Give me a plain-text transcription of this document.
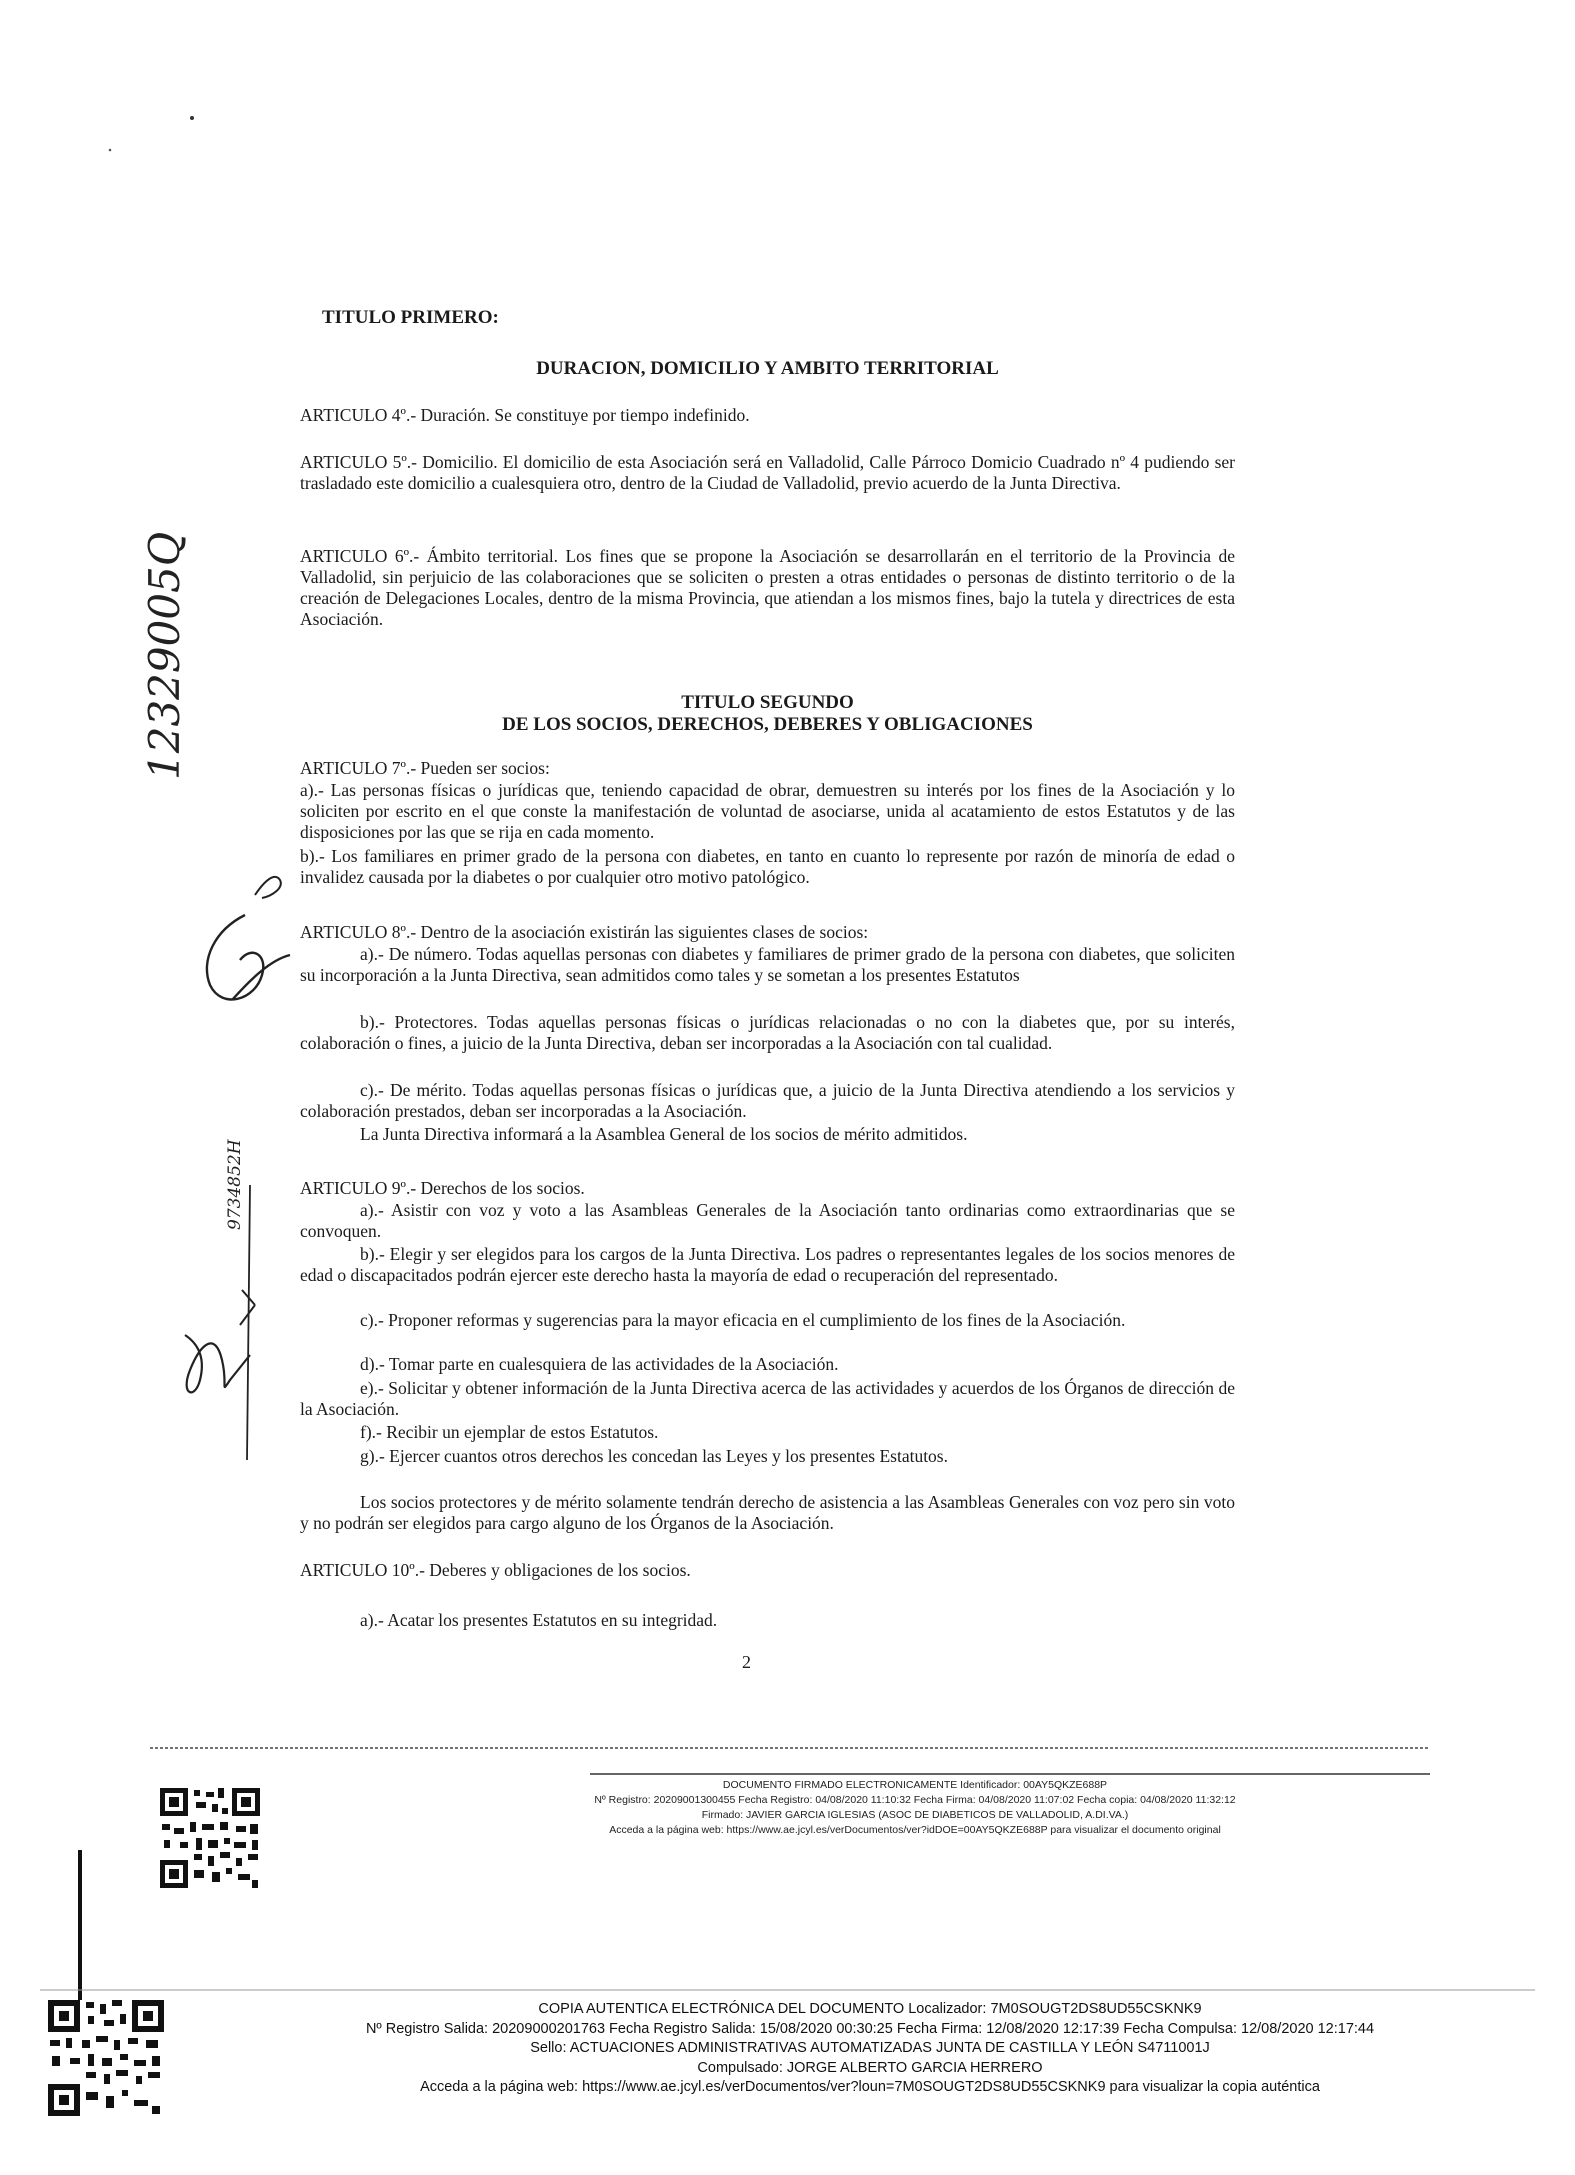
12329005Q
9734852H

TITULO PRIMERO:

DURACION, DOMICILIO Y AMBITO TERRITORIAL

ARTICULO 4º.- Duración. Se constituye por tiempo indefinido.

ARTICULO 5º.- Domicilio. El domicilio de esta Asociación será en Valladolid, Calle Párroco Domicio Cuadrado nº 4 pudiendo ser trasladado este domicilio a cualesquiera otro, dentro de la Ciudad de Valladolid, previo acuerdo de la Junta Directiva.

ARTICULO 6º.- Ámbito territorial. Los fines que se propone la Asociación se desarrollarán en el territorio de la Provincia de Valladolid, sin perjuicio de las colaboraciones que se soliciten o presten a otras entidades o personas de distinto territorio o de la creación de Delegaciones Locales, dentro de la misma Provincia, que atiendan a los mismos fines, bajo la tutela y directrices de esta Asociación.

TITULO SEGUNDO

DE LOS SOCIOS, DERECHOS, DEBERES Y OBLIGACIONES

ARTICULO 7º.- Pueden ser socios:

a).- Las personas físicas o jurídicas que, teniendo capacidad de obrar, demuestren su interés por los fines de la Asociación y lo soliciten por escrito en el que conste la manifestación de voluntad de asociarse, unida al acatamiento de estos Estatutos y de las disposiciones por las que se rija en cada momento.

b).- Los familiares en primer grado de la persona con diabetes, en tanto en cuanto lo represente por razón de minoría de edad o invalidez causada por la diabetes o por cualquier otro motivo patológico.

ARTICULO 8º.- Dentro de la asociación existirán las siguientes clases de socios:

a).- De número. Todas aquellas personas con diabetes y familiares de primer grado de la persona con diabetes, que soliciten su incorporación a la Junta Directiva, sean admitidos como tales y se sometan a los presentes Estatutos

b).- Protectores. Todas aquellas personas físicas o jurídicas relacionadas o no con la diabetes que, por su interés, colaboración o fines, a juicio de la Junta Directiva, deban ser incorporadas a la Asociación con tal cualidad.

c).- De mérito. Todas aquellas personas físicas o jurídicas que, a juicio de la Junta Directiva atendiendo a los servicios y colaboración prestados, deban ser incorporadas a la Asociación.

La Junta Directiva informará a la Asamblea General de los socios de mérito admitidos.

ARTICULO 9º.- Derechos de los socios.

a).- Asistir con voz y voto a las Asambleas Generales de la Asociación tanto ordinarias como extraordinarias que se convoquen.

b).- Elegir y ser elegidos para los cargos de la Junta Directiva. Los padres o representantes legales de los socios menores de edad o discapacitados podrán ejercer este derecho hasta la mayoría de edad o recuperación del representado.

c).- Proponer reformas y sugerencias para la mayor eficacia en el cumplimiento de los fines de la Asociación.

d).- Tomar parte en cualesquiera de las actividades de la Asociación.

e).- Solicitar y obtener información de la Junta Directiva acerca de las actividades y acuerdos de los Órganos de dirección de la Asociación.

f).- Recibir un ejemplar de estos Estatutos.

g).- Ejercer cuantos otros derechos les concedan las Leyes y los presentes Estatutos.

Los socios protectores y de mérito solamente tendrán derecho de asistencia a las Asambleas Generales con voz pero sin voto y no podrán ser elegidos para cargo alguno de los Órganos de la Asociación.

ARTICULO 10º.- Deberes y obligaciones de los socios.

a).- Acatar los presentes Estatutos en su integridad.

2

DOCUMENTO FIRMADO ELECTRONICAMENTE Identificador: 00AY5QKZE688P
Nº Registro: 20209001300455 Fecha Registro: 04/08/2020 11:10:32 Fecha Firma: 04/08/2020 11:07:02 Fecha copia: 04/08/2020 11:32:12
Firmado: JAVIER GARCIA IGLESIAS (ASOC DE DIABETICOS DE VALLADOLID, A.DI.VA.)
Acceda a la página web: https://www.ae.jcyl.es/verDocumentos/ver?idDOE=00AY5QKZE688P para visualizar el documento original
COPIA AUTENTICA ELECTRÓNICA DEL DOCUMENTO Localizador: 7M0SOUGT2DS8UD55CSKNK9
Nº Registro Salida: 20209000201763 Fecha Registro Salida: 15/08/2020 00:30:25 Fecha Firma: 12/08/2020 12:17:39 Fecha Compulsa: 12/08/2020 12:17:44
Sello: ACTUACIONES ADMINISTRATIVAS AUTOMATIZADAS JUNTA DE CASTILLA Y LEÓN S4711001J
Compulsado: JORGE ALBERTO GARCIA HERRERO
Acceda a la página web: https://www.ae.jcyl.es/verDocumentos/ver?loun=7M0SOUGT2DS8UD55CSKNK9 para visualizar la copia auténtica
